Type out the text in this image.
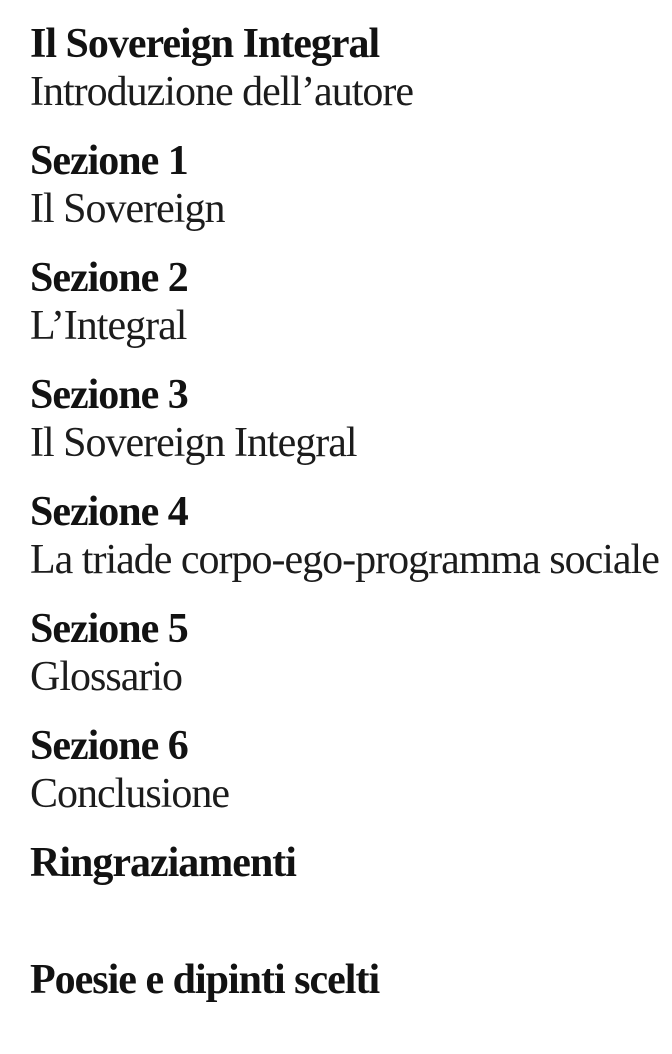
Il Sovereign Integral
Introduzione dell’autore
Sezione 1
Il Sovereign
Sezione 2
L’Integral
Sezione 3
Il Sovereign Integral
Sezione 4
La triade corpo-ego-programma sociale
Sezione 5
Glossario
Sezione 6
Conclusione
Ringraziamenti
Poesie e dipinti scelti
